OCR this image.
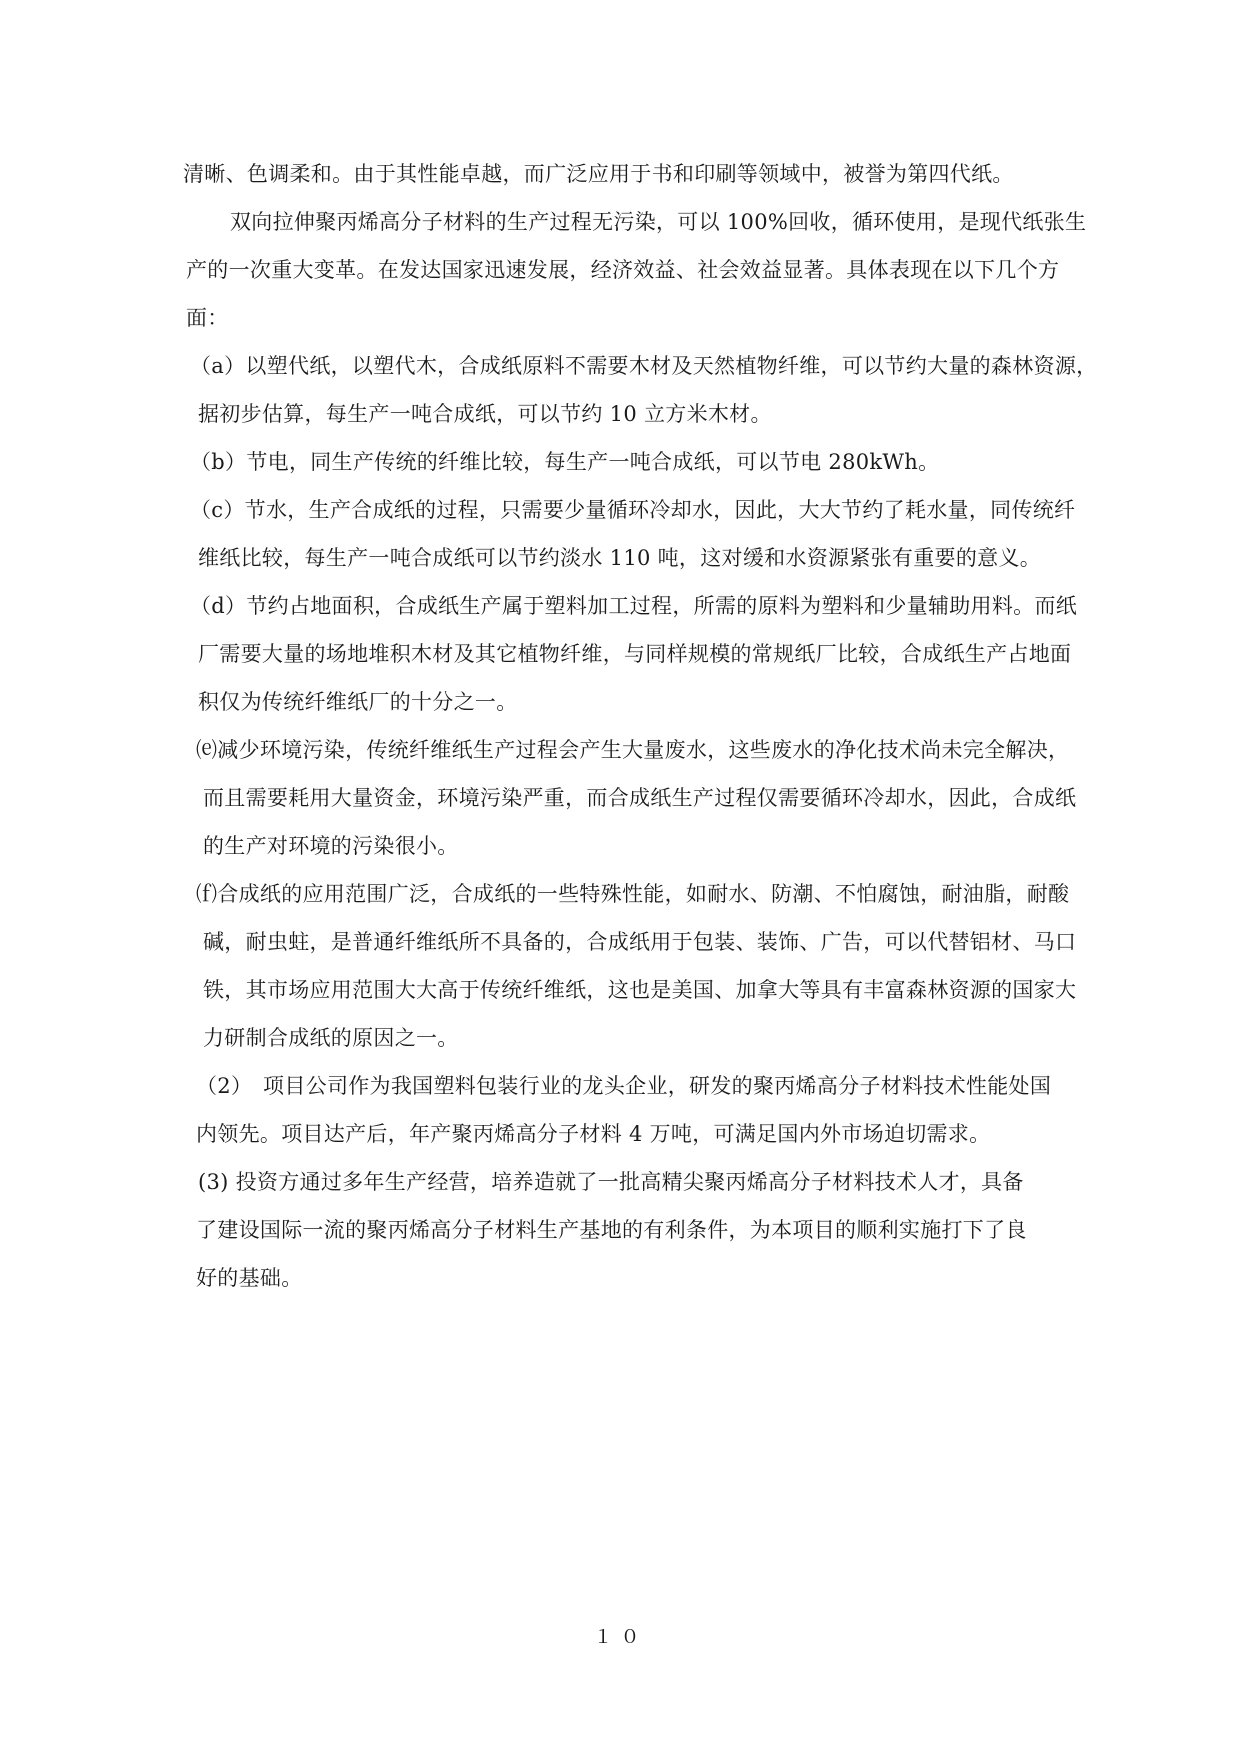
清晰、色调柔和。由于其性能卓越，而广泛应用于书和印刷等领域中，被誉为第四代纸。
双向拉伸聚丙烯高分子材料的生产过程无污染，可以 100%回收，循环使用，是现代纸张生
产的一次重大变革。在发达国家迅速发展，经济效益、社会效益显著。具体表现在以下几个方
面：
（a）以塑代纸，以塑代木，合成纸原料不需要木材及天然植物纤维，可以节约大量的森林资源，
据初步估算，每生产一吨合成纸，可以节约 10 立方米木材。
（b）节电，同生产传统的纤维比较，每生产一吨合成纸，可以节电 280kWh。
（c）节水，生产合成纸的过程，只需要少量循环冷却水，因此，大大节约了耗水量，同传统纤
维纸比较，每生产一吨合成纸可以节约淡水 110 吨，这对缓和水资源紧张有重要的意义。
（d）节约占地面积，合成纸生产属于塑料加工过程，所需的原料为塑料和少量辅助用料。而纸
厂需要大量的场地堆积木材及其它植物纤维，与同样规模的常规纸厂比较，合成纸生产占地面
积仅为传统纤维纸厂的十分之一。
⒠减少环境污染，传统纤维纸生产过程会产生大量废水，这些废水的净化技术尚未完全解决，
而且需要耗用大量资金，环境污染严重，而合成纸生产过程仅需要循环冷却水，因此，合成纸
的生产对环境的污染很小。
⒡合成纸的应用范围广泛，合成纸的一些特殊性能，如耐水、防潮、不怕腐蚀，耐油脂，耐酸
碱，耐虫蛀，是普通纤维纸所不具备的，合成纸用于包装、装饰、广告，可以代替铝材、马口
铁，其市场应用范围大大高于传统纤维纸，这也是美国、加拿大等具有丰富森林资源的国家大
力研制合成纸的原因之一。
（2）　项目公司作为我国塑料包装行业的龙头企业，研发的聚丙烯高分子材料技术性能处国
内领先。项目达产后，年产聚丙烯高分子材料 4 万吨，可满足国内外市场迫切需求。
(3) 投资方通过多年生产经营，培养造就了一批高精尖聚丙烯高分子材料技术人才，具备
了建设国际一流的聚丙烯高分子材料生产基地的有利条件，为本项目的顺利实施打下了良
好的基础。
１０
